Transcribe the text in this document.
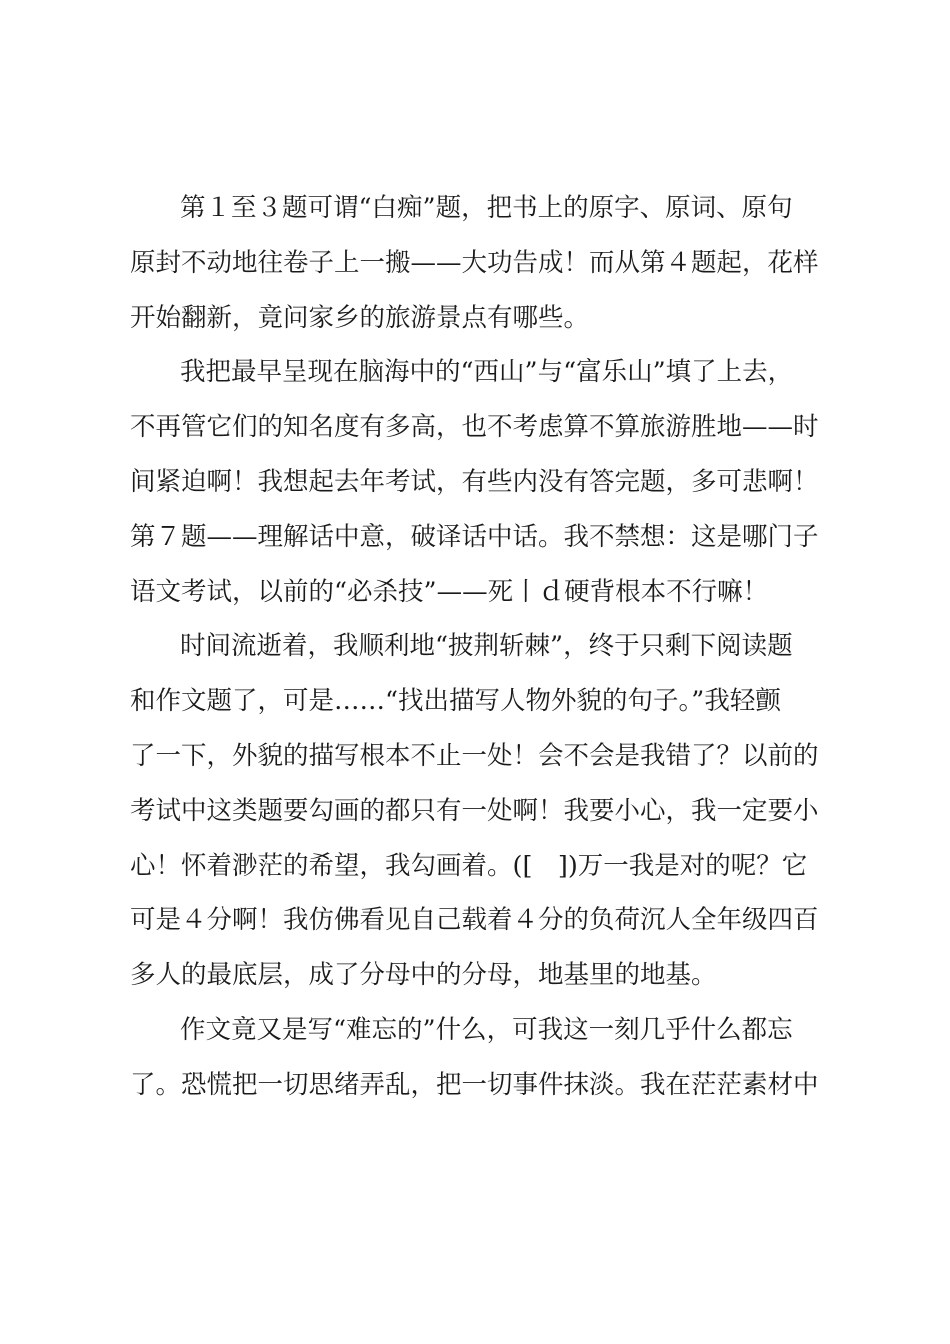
第１至３题可谓“白痴”题，把书上的原字、原词、原句
原封不动地往卷子上一搬——大功告成！而从第４题起，花样
开始翻新，竟问家乡的旅游景点有哪些。
我把最早呈现在脑海中的“西山”与“富乐山”填了上去，
不再管它们的知名度有多高，也不考虑算不算旅游胜地——时
间紧迫啊！我想起去年考试，有些内没有答完题，多可悲啊！
第７题——理解话中意，破译话中话。我不禁想：这是哪门子
语文考试，以前的“必杀技”——死丨ｄ硬背根本不行嘛！
时间流逝着，我顺利地“披荆斩棘”，终于只剩下阅读题
和作文题了，可是……“找出描写人物外貌的句子。”我轻颤
了一下，外貌的描写根本不止一处！会不会是我错了？以前的
考试中这类题要勾画的都只有一处啊！我要小心，我一定要小
心！怀着渺茫的希望，我勾画着。([　])万一我是对的呢？它
可是４分啊！我仿佛看见自己载着４分的负荷沉人全年级四百
多人的最底层，成了分母中的分母，地基里的地基。
作文竟又是写“难忘的”什么，可我这一刻几乎什么都忘
了。恐慌把一切思绪弄乱，把一切事件抹淡。我在茫茫素材中
